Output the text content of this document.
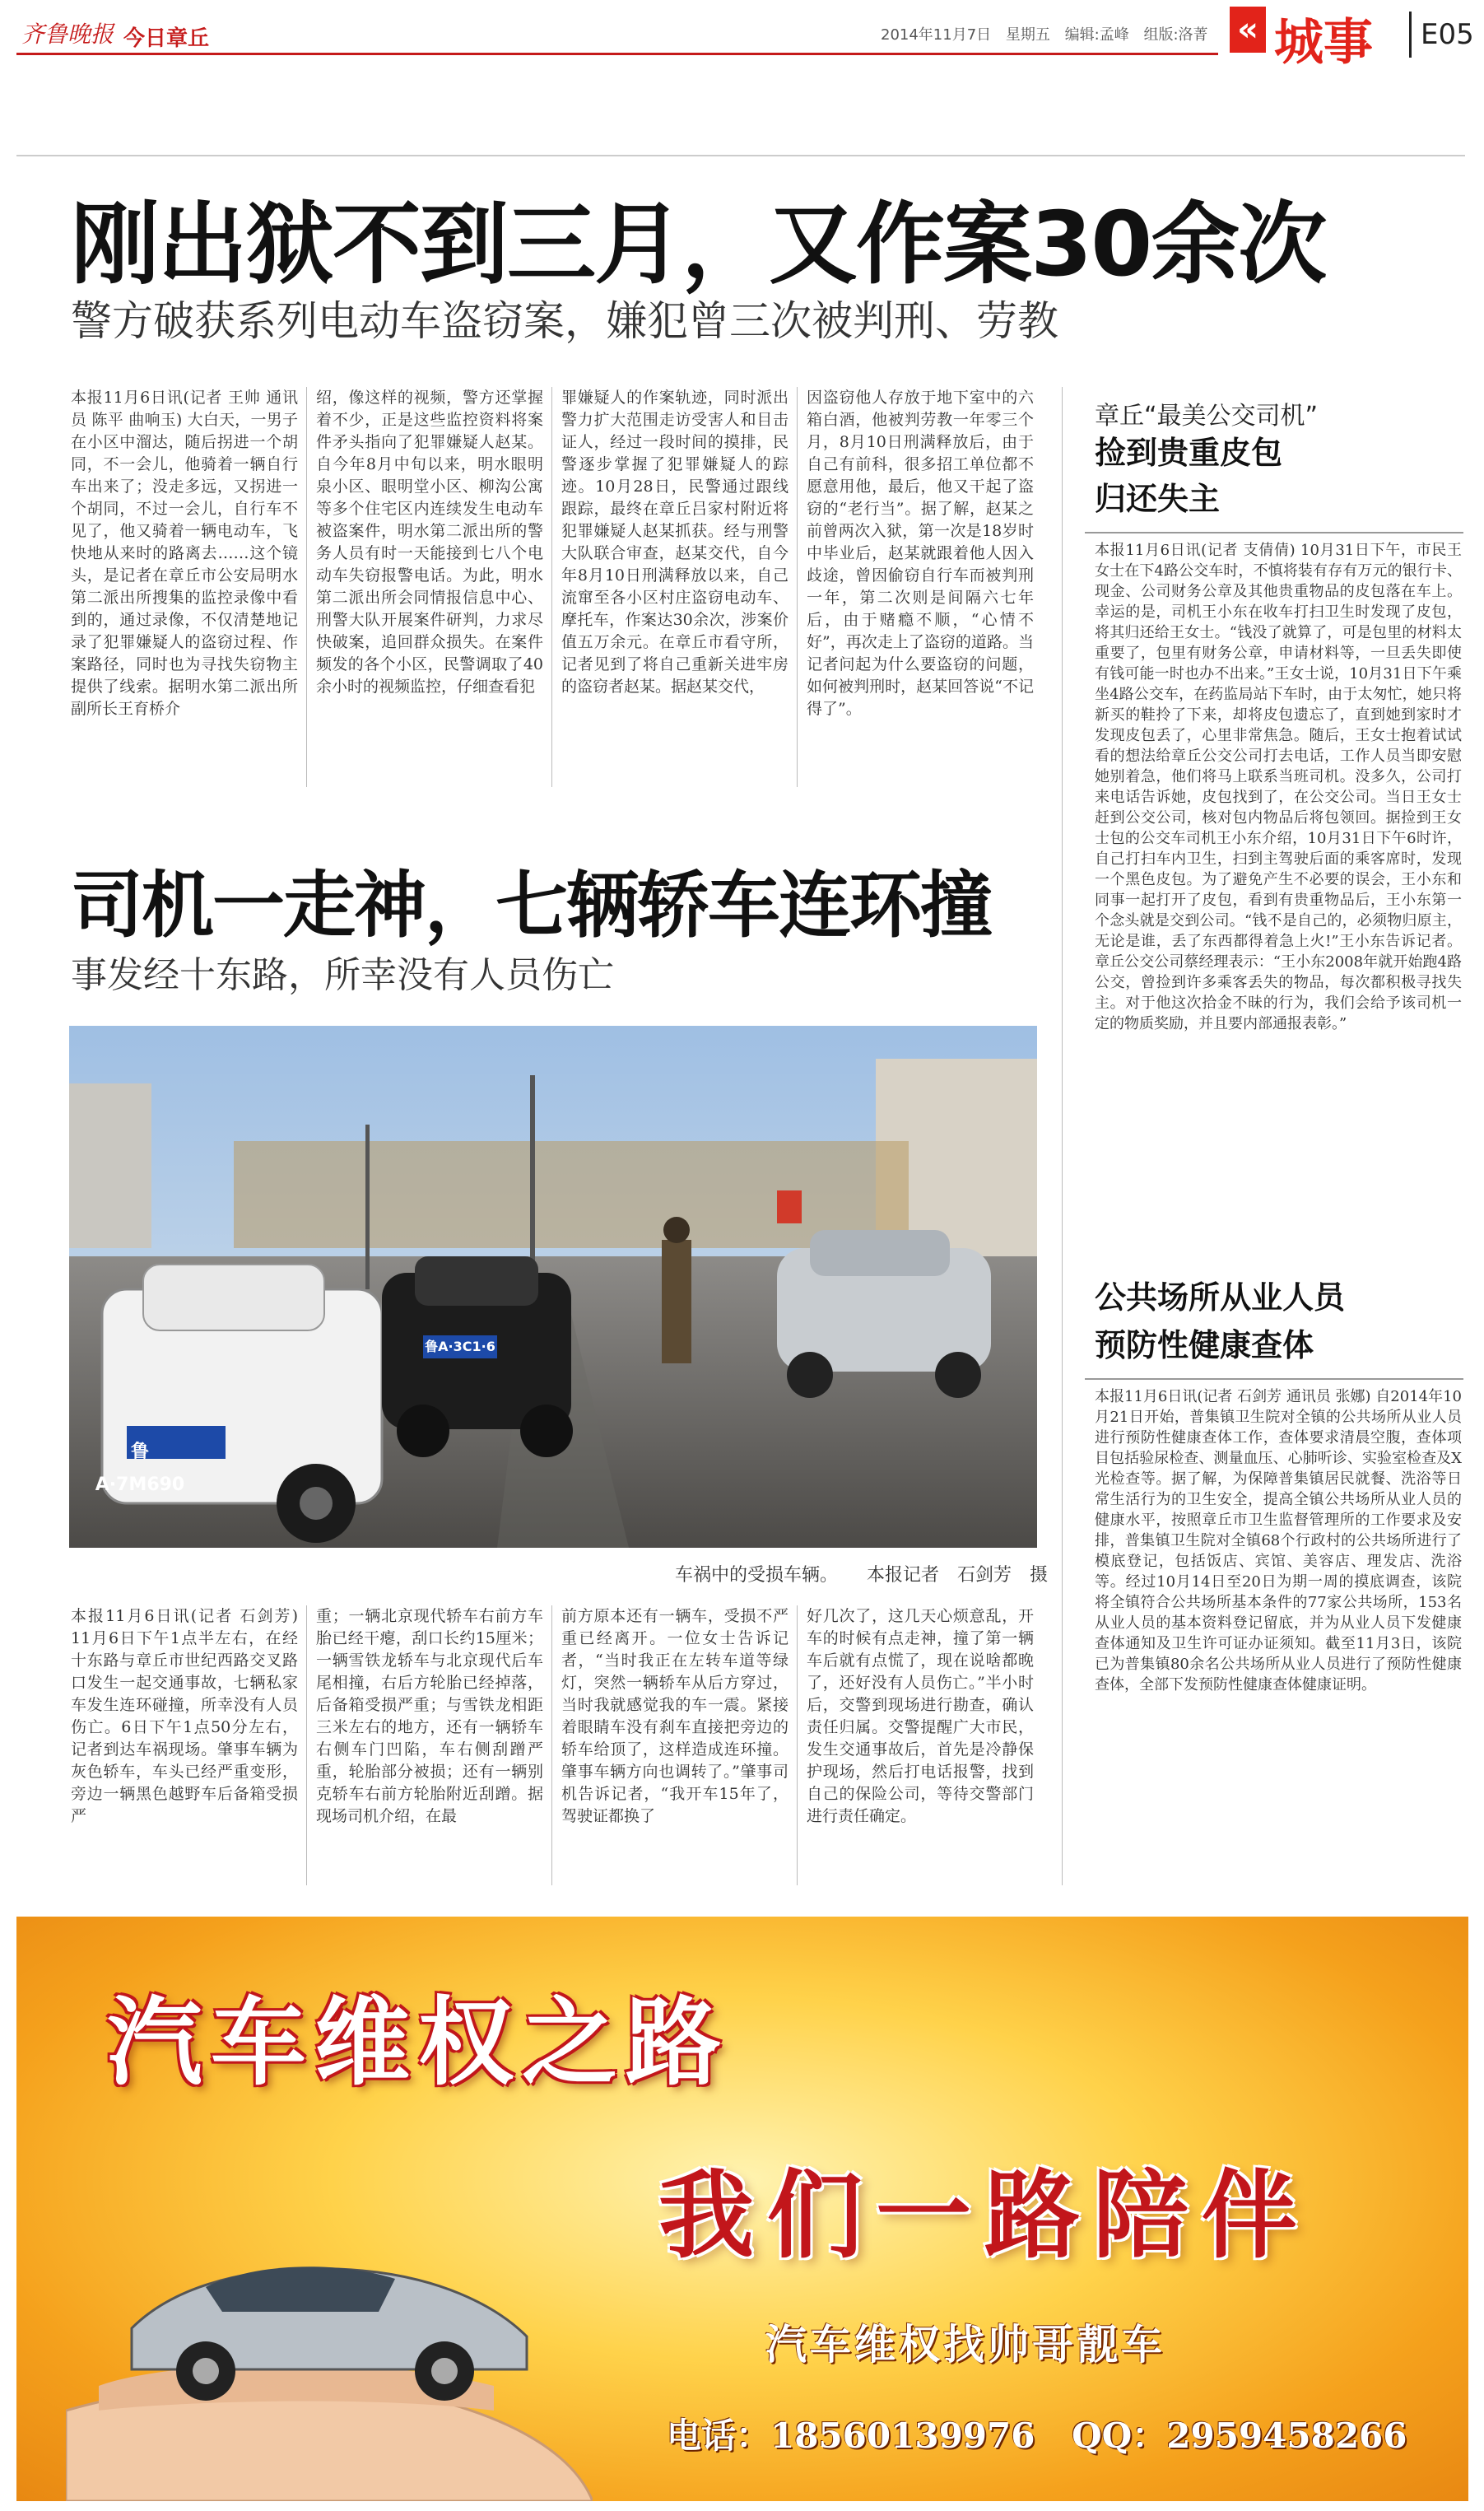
齐鲁晚报 今日章丘	2014年11月7日 星期五 编辑:孟峰 组版:洛菁 « 城事 E05
刚出狱不到三月，又作案30余次
警方破获系列电动车盗窃案，嫌犯曾三次被判刑、劳教

本报11月6日讯(记者 王帅 通讯员 陈平 曲响玉) 大白天，一男子在小区中溜达，随后拐进一个胡同，不一会儿，他骑着一辆自行车出来了；没走多远，又拐进一个胡同，不过一会儿，自行车不见了，他又骑着一辆电动车，飞快地从来时的路离去……这个镜头，是记者在章丘市公安局明水第二派出所搜集的监控录像中看到的，通过录像，不仅清楚地记录了犯罪嫌疑人的盗窃过程、作案路径，同时也为寻找失窃物主提供了线索。据明水第二派出所副所长王育桥介

绍，像这样的视频，警方还掌握着不少，正是这些监控资料将案件矛头指向了犯罪嫌疑人赵某。自今年8月中旬以来，明水眼明泉小区、眼明堂小区、柳沟公寓等多个住宅区内连续发生电动车被盗案件，明水第二派出所的警务人员有时一天能接到七八个电动车失窃报警电话。为此，明水第二派出所会同情报信息中心、刑警大队开展案件研判，力求尽快破案，追回群众损失。在案件频发的各个小区，民警调取了40余小时的视频监控，仔细查看犯

罪嫌疑人的作案轨迹，同时派出警力扩大范围走访受害人和目击证人，经过一段时间的摸排，民警逐步掌握了犯罪嫌疑人的踪迹。10月28日，民警通过跟线跟踪，最终在章丘吕家村附近将犯罪嫌疑人赵某抓获。经与刑警大队联合审查，赵某交代，自今年8月10日刑满释放以来，自己流窜至各小区村庄盗窃电动车、摩托车，作案达30余次，涉案价值五万余元。在章丘市看守所，记者见到了将自己重新关进牢房的盗窃者赵某。据赵某交代，

因盗窃他人存放于地下室中的六箱白酒，他被判劳教一年零三个月，8月10日刑满释放后，由于自己有前科，很多招工单位都不愿意用他，最后，他又干起了盗窃的“老行当”。据了解，赵某之前曾两次入狱，第一次是18岁时中毕业后，赵某就跟着他人因入歧途，曾因偷窃自行车而被判刑一年，第二次则是间隔六七年后，由于赌瘾不顺，“心情不好”，再次走上了盗窃的道路。当记者问起为什么要盗窃的问题，如何被判刑时，赵某回答说“不记得了”。

司机一走神，七辆轿车连环撞
事发经十东路，所幸没有人员伤亡
鲁A·7M690
鲁A·3C1·6
车祸中的受损车辆。 本报记者　石剑芳　摄

本报11月6日讯(记者 石剑芳) 11月6日下午1点半左右，在经十东路与章丘市世纪西路交叉路口发生一起交通事故，七辆私家车发生连环碰撞，所幸没有人员伤亡。6日下午1点50分左右，记者到达车祸现场。肇事车辆为灰色轿车，车头已经严重变形，旁边一辆黑色越野车后备箱受损严

重；一辆北京现代轿车右前方车胎已经干瘪，刮口长约15厘米；一辆雪铁龙轿车与北京现代后车尾相撞，右后方轮胎已经掉落，后备箱受损严重；与雪铁龙相距三米左右的地方，还有一辆轿车右侧车门凹陷，车右侧刮蹭严重，轮胎部分被损；还有一辆别克轿车右前方轮胎附近刮蹭。据现场司机介绍，在最

前方原本还有一辆车，受损不严重已经离开。一位女士告诉记者，“当时我正在左转车道等绿灯，突然一辆轿车从后方穿过，当时我就感觉我的车一震。紧接着眼睛车没有刹车直接把旁边的轿车给顶了，这样造成连环撞。肇事车辆方向也调转了。”肇事司机告诉记者，“我开车15年了，驾驶证都换了

好几次了，这几天心烦意乱，开车的时候有点走神，撞了第一辆车后就有点慌了，现在说啥都晚了，还好没有人员伤亡。”半小时后，交警到现场进行勘查，确认责任归属。交警提醒广大市民，发生交通事故后，首先是冷静保护现场，然后打电话报警，找到自己的保险公司，等待交警部门进行责任确定。

章丘“最美公交司机”
捡到贵重皮包
归还失主

本报11月6日讯(记者 支倩倩) 10月31日下午，市民王女士在下4路公交车时，不慎将装有存有万元的银行卡、现金、公司财务公章及其他贵重物品的皮包落在车上。幸运的是，司机王小东在收车打扫卫生时发现了皮包，将其归还给王女士。“钱没了就算了，可是包里的材料太重要了，包里有财务公章，申请材料等，一旦丢失即使有钱可能一时也办不出来。”王女士说，10月31日下午乘坐4路公交车，在药监局站下车时，由于太匆忙，她只将新买的鞋拎了下来，却将皮包遗忘了，直到她到家时才发现皮包丢了，心里非常焦急。随后，王女士抱着试试看的想法给章丘公交公司打去电话，工作人员当即安慰她别着急，他们将马上联系当班司机。没多久，公司打来电话告诉她，皮包找到了，在公交公司。当日王女士赶到公交公司，核对包内物品后将包领回。据捡到王女士包的公交车司机王小东介绍，10月31日下午6时许，自己打扫车内卫生，扫到主驾驶后面的乘客席时，发现一个黑色皮包。为了避免产生不必要的误会，王小东和同事一起打开了皮包，看到有贵重物品后，王小东第一个念头就是交到公司。“钱不是自己的，必须物归原主，无论是谁，丢了东西都得着急上火!”王小东告诉记者。章丘公交公司蔡经理表示：“王小东2008年就开始跑4路公交，曾捡到许多乘客丢失的物品，每次都积极寻找失主。对于他这次拾金不昧的行为，我们会给予该司机一定的物质奖励，并且要内部通报表彰。”

公共场所从业人员
预防性健康查体

本报11月6日讯(记者 石剑芳 通讯员 张娜) 自2014年10月21日开始，普集镇卫生院对全镇的公共场所从业人员进行预防性健康查体工作，查体要求清晨空腹，查体项目包括验尿检查、测量血压、心肺听诊、实验室检查及X光检查等。据了解，为保障普集镇居民就餐、洗浴等日常生活行为的卫生安全，提高全镇公共场所从业人员的健康水平，按照章丘市卫生监督管理所的工作要求及安排，普集镇卫生院对全镇68个行政村的公共场所进行了模底登记，包括饭店、宾馆、美容店、理发店、洗浴等。经过10月14日至20日为期一周的摸底调查，该院将全镇符合公共场所基本条件的77家公共场所，153名从业人员的基本资料登记留底，并为从业人员下发健康查体通知及卫生许可证办证须知。截至11月3日，该院已为普集镇80余名公共场所从业人员进行了预防性健康查体，全部下发预防性健康查体健康证明。

汽车维权之路
我们一路陪伴
汽车维权找帅哥靓车
电话：18560139976 QQ：2959458266
